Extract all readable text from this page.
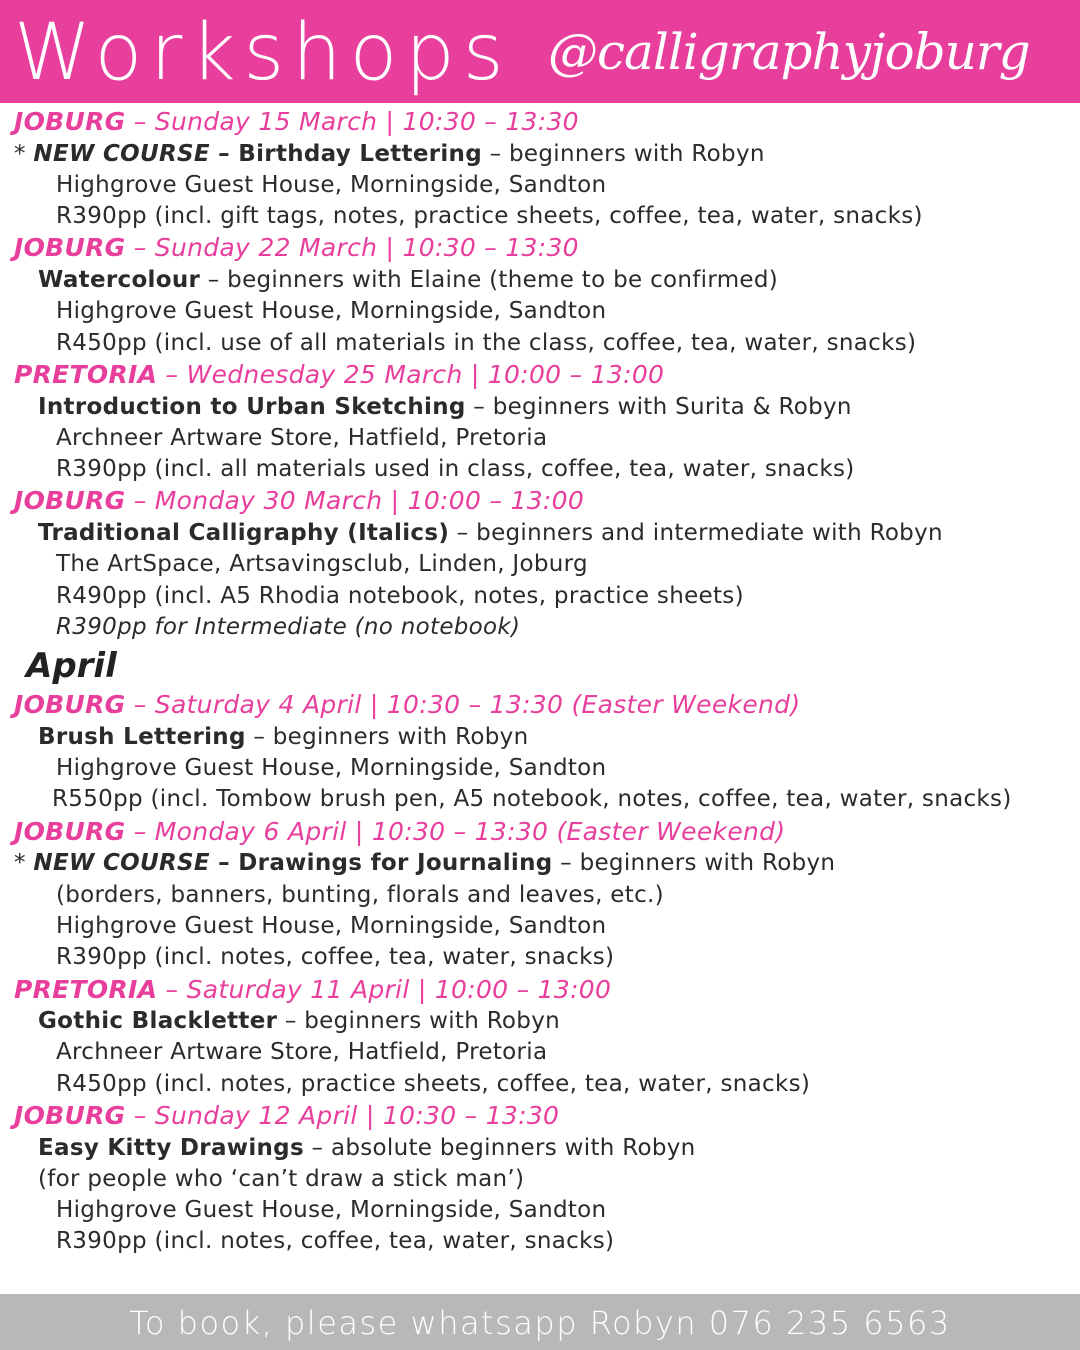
Workshops @calligraphyjoburg
JOBURG – Sunday 15 March | 10:30 – 13:30
* NEW COURSE – Birthday Lettering – beginners with Robyn
Highgrove Guest House, Morningside, Sandton
R390pp (incl. gift tags, notes, practice sheets, coffee, tea, water, snacks)
JOBURG – Sunday 22 March | 10:30 – 13:30
Watercolour – beginners with Elaine (theme to be confirmed)
Highgrove Guest House, Morningside, Sandton
R450pp (incl. use of all materials in the class, coffee, tea, water, snacks)
PRETORIA – Wednesday 25 March | 10:00 – 13:00
Introduction to Urban Sketching – beginners with Surita & Robyn
Archneer Artware Store, Hatfield, Pretoria
R390pp (incl. all materials used in class, coffee, tea, water, snacks)
JOBURG – Monday 30 March | 10:00 – 13:00
Traditional Calligraphy (Italics) – beginners and intermediate with Robyn
The ArtSpace, Artsavingsclub, Linden, Joburg
R490pp (incl. A5 Rhodia notebook, notes, practice sheets)
R390pp for Intermediate (no notebook)
April
JOBURG – Saturday 4 April | 10:30 – 13:30 (Easter Weekend)
Brush Lettering – beginners with Robyn
Highgrove Guest House, Morningside, Sandton
R550pp (incl. Tombow brush pen, A5 notebook, notes, coffee, tea, water, snacks)
JOBURG – Monday 6 April | 10:30 – 13:30 (Easter Weekend)
* NEW COURSE – Drawings for Journaling – beginners with Robyn
(borders, banners, bunting, florals and leaves, etc.)
Highgrove Guest House, Morningside, Sandton
R390pp (incl. notes, coffee, tea, water, snacks)
PRETORIA – Saturday 11 April | 10:00 – 13:00
Gothic Blackletter – beginners with Robyn
Archneer Artware Store, Hatfield, Pretoria
R450pp (incl. notes, practice sheets, coffee, tea, water, snacks)
JOBURG – Sunday 12 April | 10:30 – 13:30
Easy Kitty Drawings – absolute beginners with Robyn
(for people who ‘can’t draw a stick man’)
Highgrove Guest House, Morningside, Sandton
R390pp (incl. notes, coffee, tea, water, snacks)
To book, please whatsapp Robyn 076 235 6563
